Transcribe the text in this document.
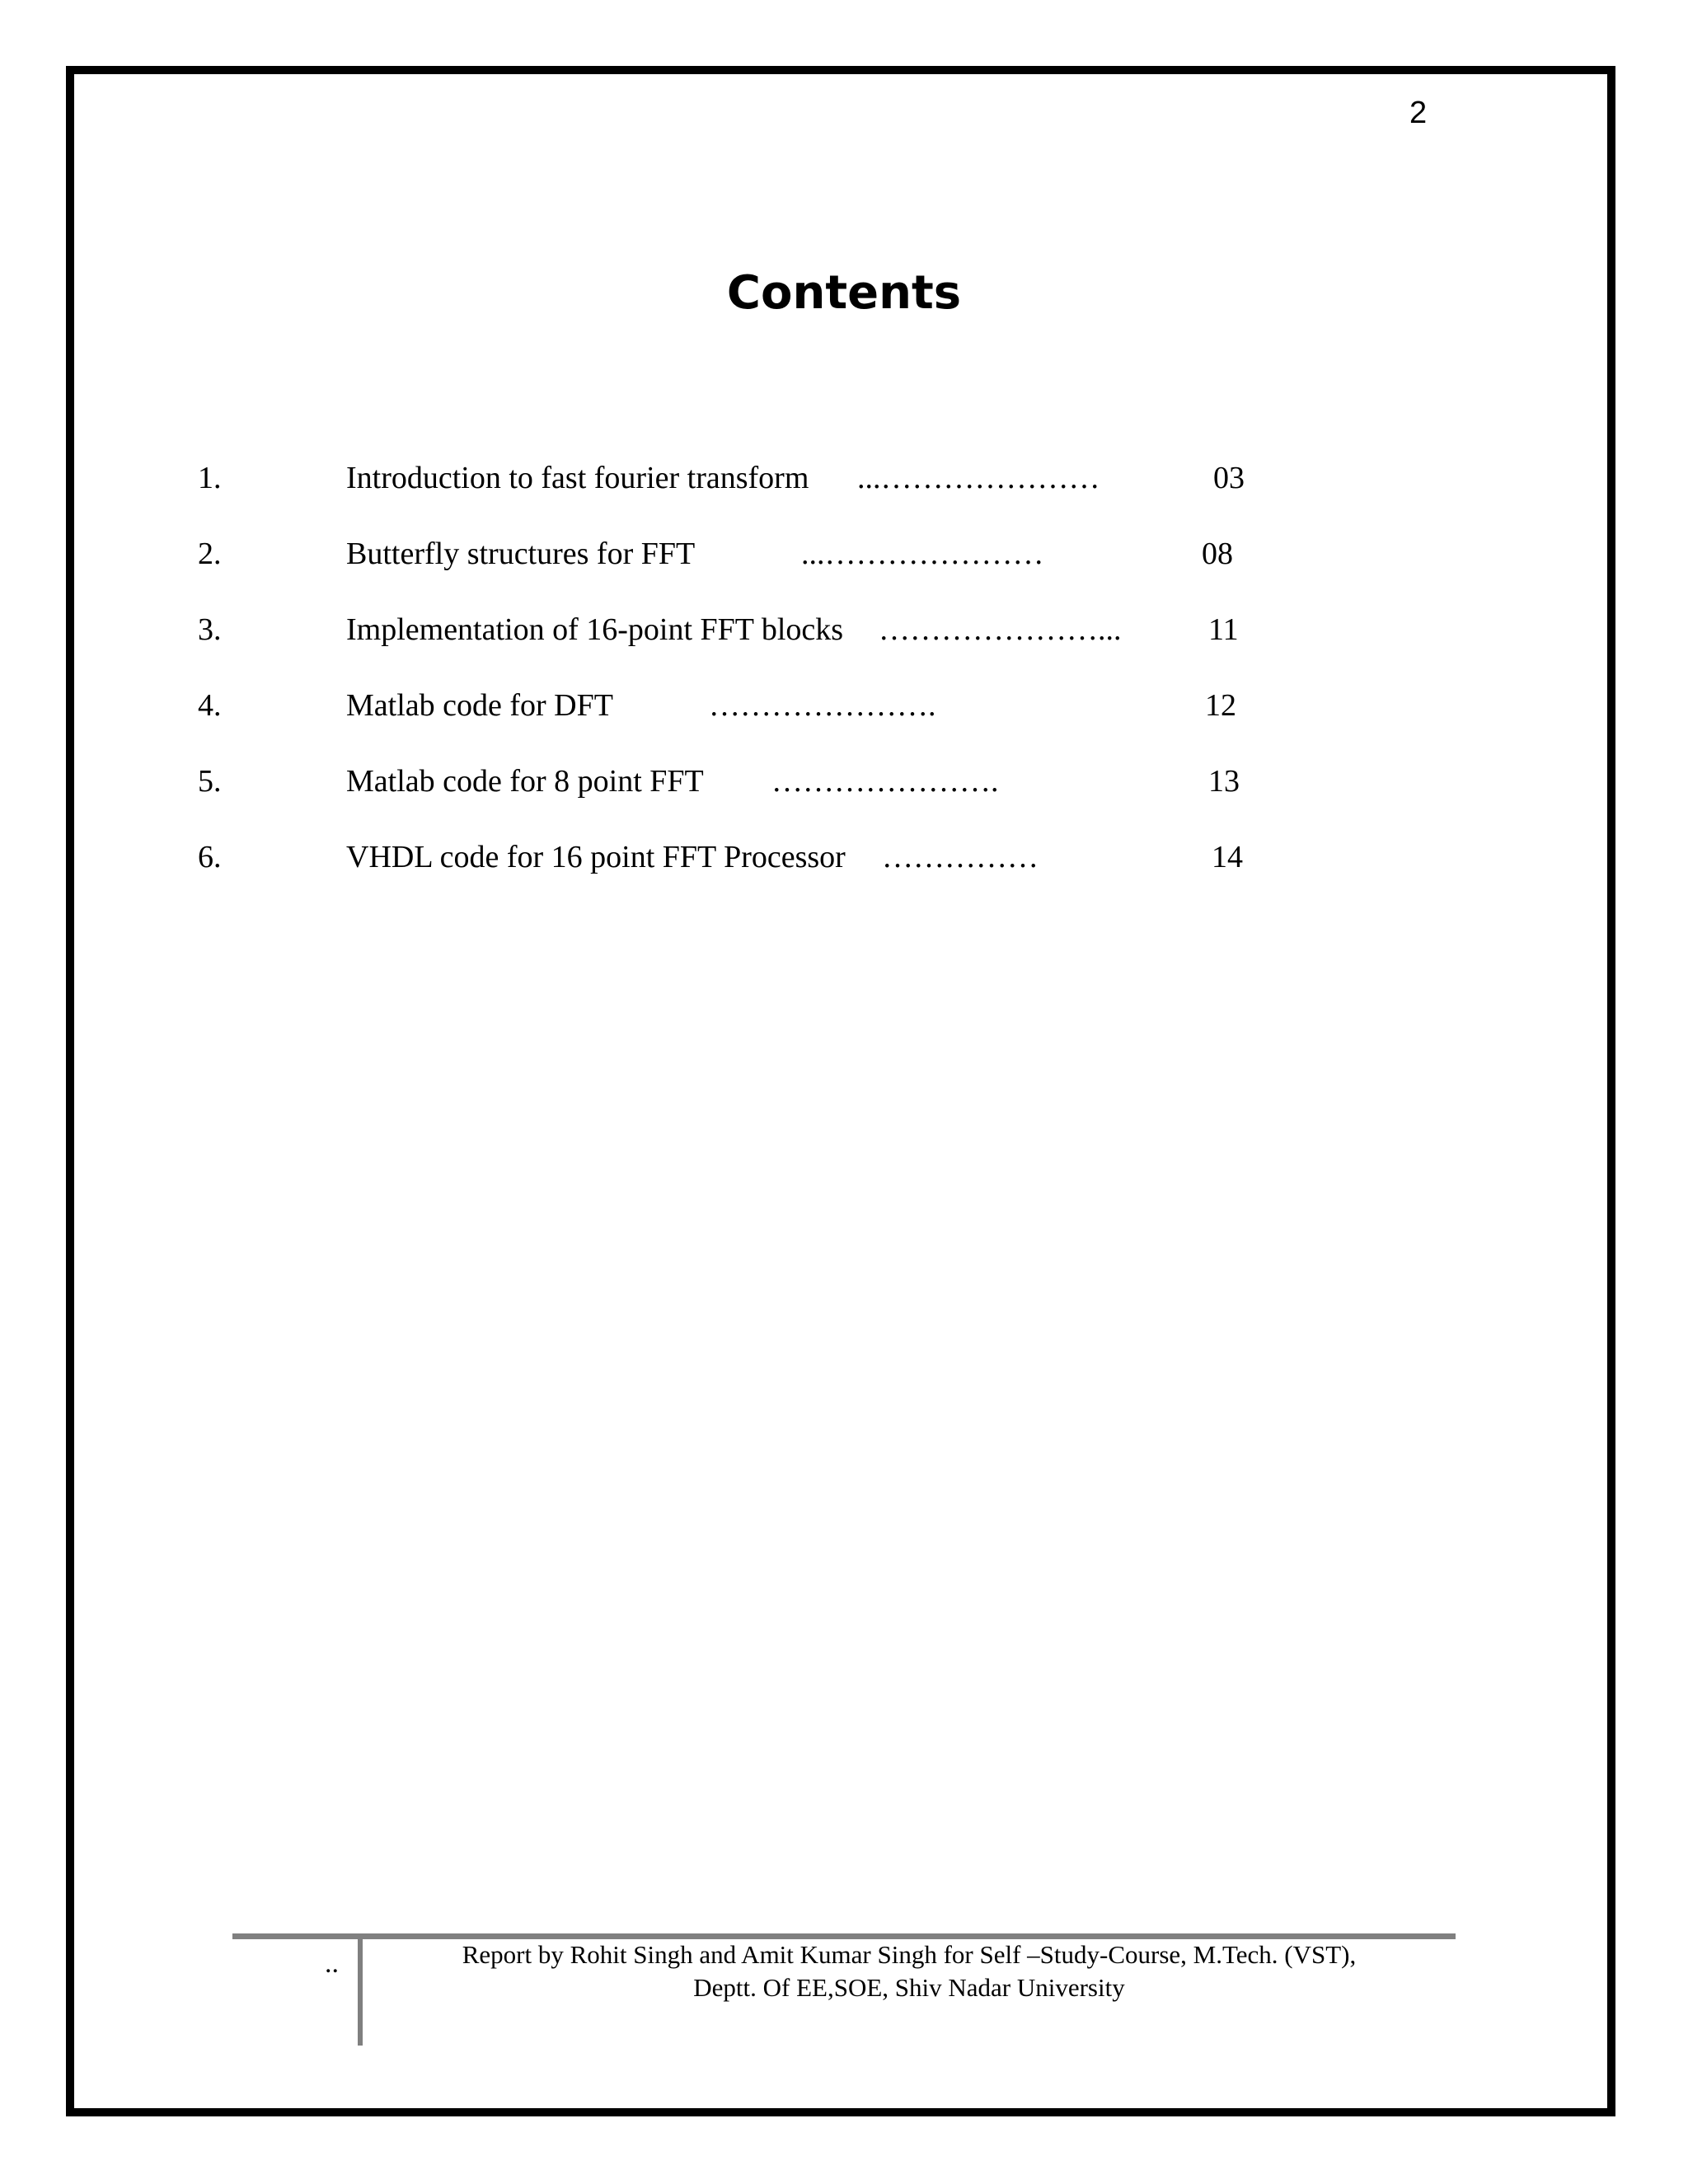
2
Contents
1.	Introduction to fast fourier transform ...…………………	03
2.	Butterfly structures for FFT	...…………………	08
3.	Implementation of 16-point FFT blocks …………………...	11
4.	Matlab code for DFT	………………….	12
5.	Matlab code for 8 point FFT ………………….	13
6.	VHDL code for 16 point FFT Processor ……………	14
..	Report by Rohit Singh and Amit Kumar Singh for Self –Study-Course, M.Tech. (VST),
Deptt. Of EE,SOE, Shiv Nadar University
